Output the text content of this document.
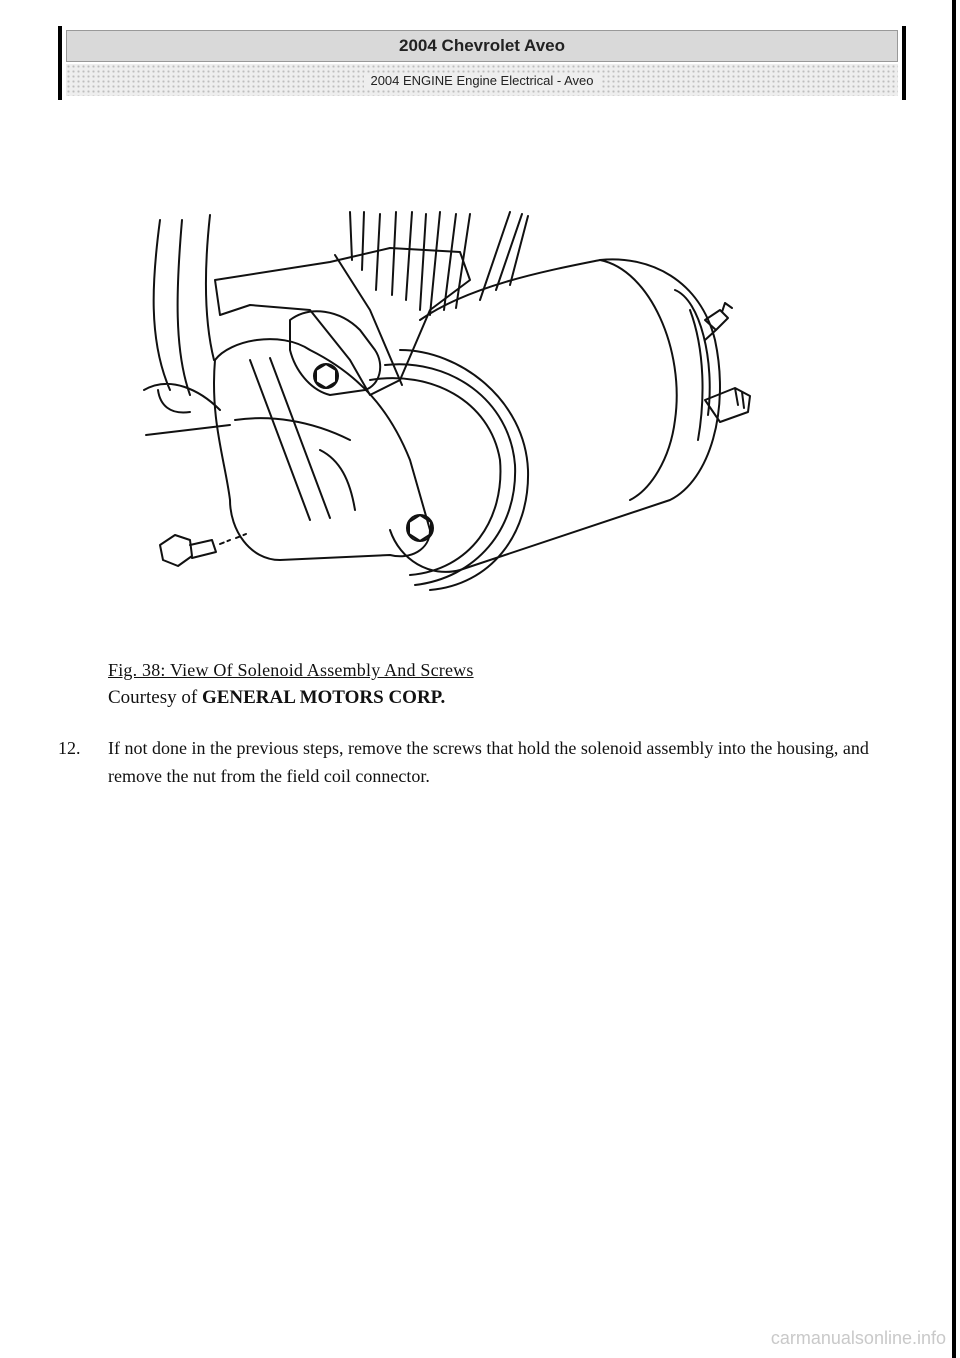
2004 Chevrolet Aveo
2004 ENGINE Engine Electrical - Aveo
Fig. 38: View Of Solenoid Assembly And Screws
Courtesy of GENERAL MOTORS CORP.
12. If not done in the previous steps, remove the screws that hold the solenoid assembly into the housing, and remove the nut from the field coil connector.
carmanualsonline.info
